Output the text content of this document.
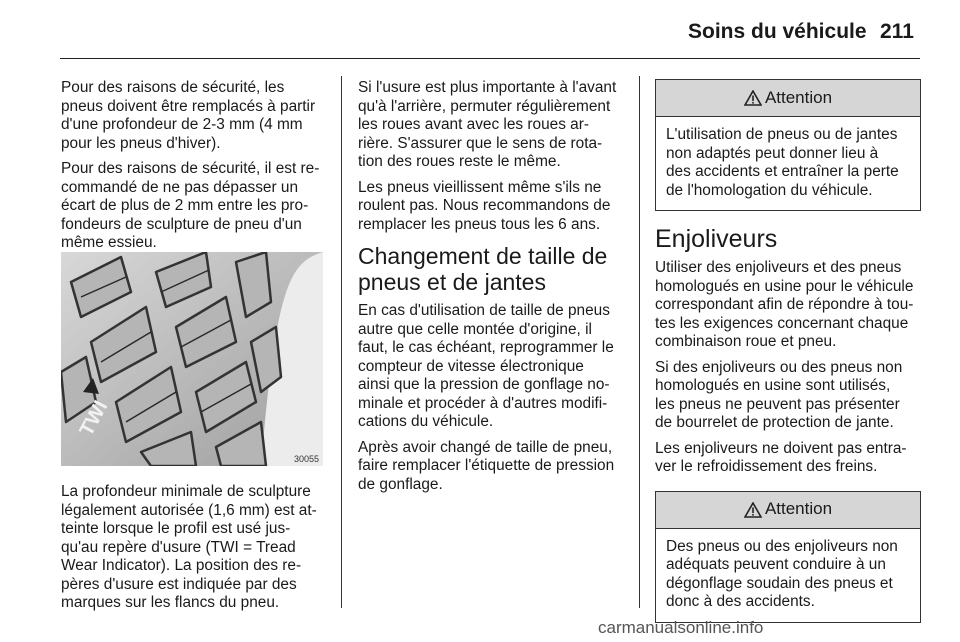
Soins du véhicule 211

Pour des raisons de sécurité, les
pneus doivent être remplacés à partir
d'une profondeur de 2-3 mm (4 mm
pour les pneus d'hiver).

Pour des raisons de sécurité, il est re-
commandé de ne pas dépasser un
écart de plus de 2 mm entre les pro-
fondeurs de sculpture de pneu d'un
même essieu.

La profondeur minimale de sculpture
légalement autorisée (1,6 mm) est at-
teinte lorsque le profil est usé jus-
qu'au repère d'usure (TWI = Tread
Wear Indicator). La position des re-
pères d'usure est indiquée par des
marques sur les flancs du pneu.

TWI
30055

Si l'usure est plus importante à l'avant
qu'à l'arrière, permuter régulièrement
les roues avant avec les roues ar-
rière. S'assurer que le sens de rota-
tion des roues reste le même.

Les pneus vieillissent même s'ils ne
roulent pas. Nous recommandons de
remplacer les pneus tous les 6 ans.

Changement de taille de
pneus et de jantes

En cas d'utilisation de taille de pneus
autre que celle montée d'origine, il
faut, le cas échéant, reprogrammer le
compteur de vitesse électronique
ainsi que la pression de gonflage no-
minale et procéder à d'autres modifi-
cations du véhicule.

Après avoir changé de taille de pneu,
faire remplacer l'étiquette de pression
de gonflage.

Attention
L'utilisation de pneus ou de jantes
non adaptés peut donner lieu à
des accidents et entraîner la perte
de l'homologation du véhicule.
Enjoliveurs

Utiliser des enjoliveurs et des pneus
homologués en usine pour le véhicule
correspondant afin de répondre à tou-
tes les exigences concernant chaque
combinaison roue et pneu.

Si des enjoliveurs ou des pneus non
homologués en usine sont utilisés,
les pneus ne peuvent pas présenter
de bourrelet de protection de jante.

Les enjoliveurs ne doivent pas entra-
ver le refroidissement des freins.

Attention
Des pneus ou des enjoliveurs non
adéquats peuvent conduire à un
dégonflage soudain des pneus et
donc à des accidents.
carmanualsonline.info
